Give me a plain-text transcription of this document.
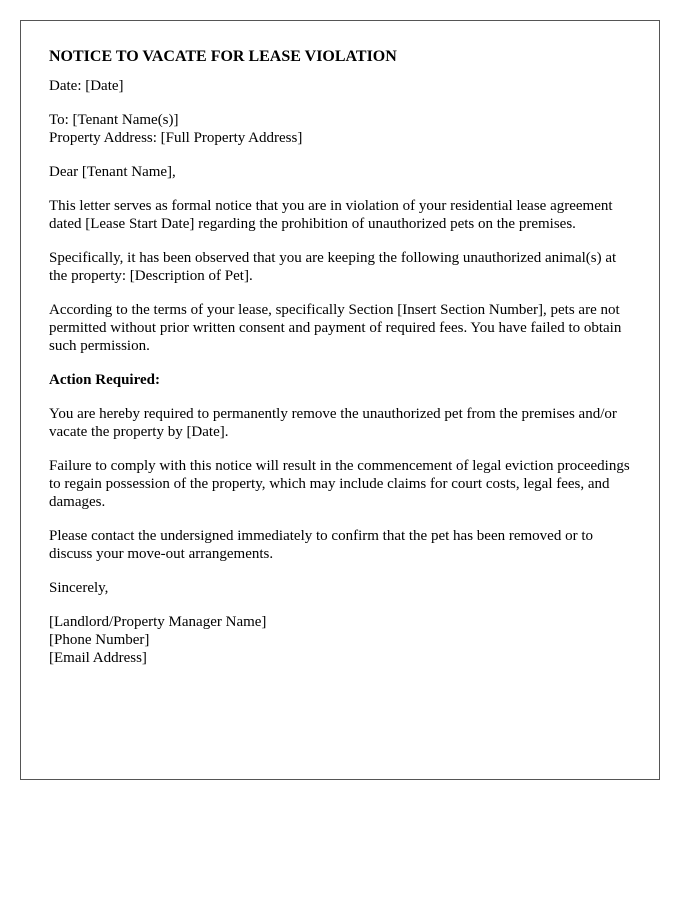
NOTICE TO VACATE FOR LEASE VIOLATION

Date: [Date]

To: [Tenant Name(s)]
Property Address: [Full Property Address]

Dear [Tenant Name],

This letter serves as formal notice that you are in violation of your residential lease agreement dated [Lease Start Date] regarding the prohibition of unauthorized pets on the premises.

Specifically, it has been observed that you are keeping the following unauthorized animal(s) at the property: [Description of Pet].

According to the terms of your lease, specifically Section [Insert Section Number], pets are not permitted without prior written consent and payment of required fees. You have failed to obtain such permission.

Action Required:

You are hereby required to permanently remove the unauthorized pet from the premises and/or vacate the property by [Date].

Failure to comply with this notice will result in the commencement of legal eviction proceedings to regain possession of the property, which may include claims for court costs, legal fees, and damages.

Please contact the undersigned immediately to confirm that the pet has been removed or to discuss your move-out arrangements.

Sincerely,

[Landlord/Property Manager Name]
[Phone Number]
[Email Address]
